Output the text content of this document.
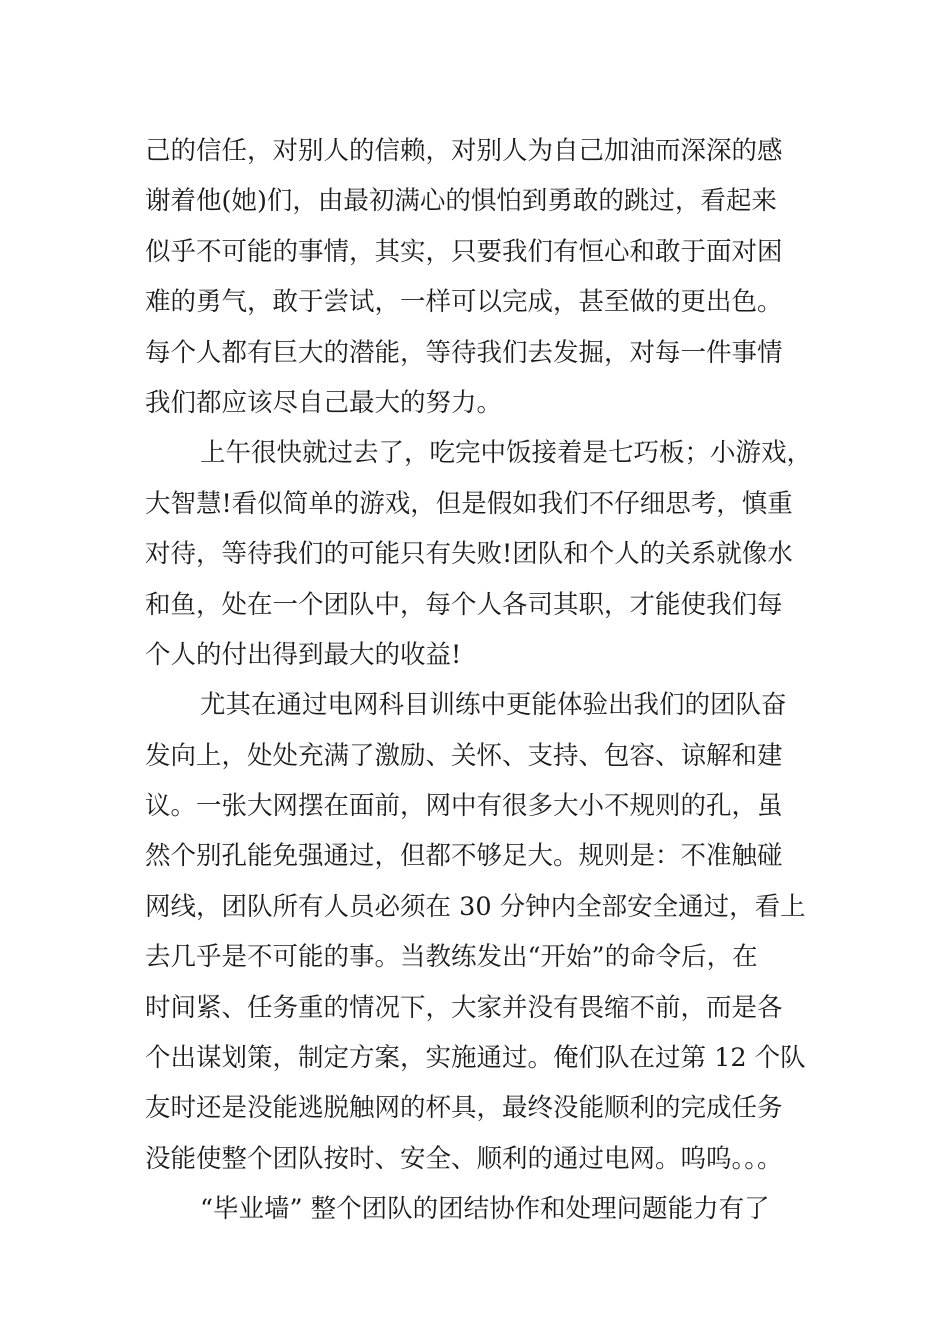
己的信任，对别人的信赖，对别人为自己加油而深深的感
谢着他(她)们，由最初满心的惧怕到勇敢的跳过，看起来
似乎不可能的事情，其实，只要我们有恒心和敢于面对困
难的勇气，敢于尝试，一样可以完成，甚至做的更出色。
每个人都有巨大的潜能，等待我们去发掘，对每一件事情
我们都应该尽自己最大的努力。
上午很快就过去了，吃完中饭接着是七巧板；小游戏，
大智慧!看似简单的游戏，但是假如我们不仔细思考，慎重
对待，等待我们的可能只有失败!团队和个人的关系就像水
和鱼，处在一个团队中，每个人各司其职，才能使我们每
个人的付出得到最大的收益!
尤其在通过电网科目训练中更能体验出我们的团队奋
发向上，处处充满了激励、关怀、支持、包容、谅解和建
议。一张大网摆在面前，网中有很多大小不规则的孔，虽
然个别孔能免强通过，但都不够足大。规则是：不准触碰
网线，团队所有人员必须在 30 分钟内全部安全通过，看上
去几乎是不可能的事。当教练发出“开始”的命令后，在
时间紧、任务重的情况下，大家并没有畏缩不前，而是各
个出谋划策，制定方案，实施通过。俺们队在过第 12 个队
友时还是没能逃脱触网的杯具，最终没能顺利的完成任务
没能使整个团队按时、安全、顺利的通过电网。呜呜。。。
“毕业墙” 整个团队的团结协作和处理问题能力有了
